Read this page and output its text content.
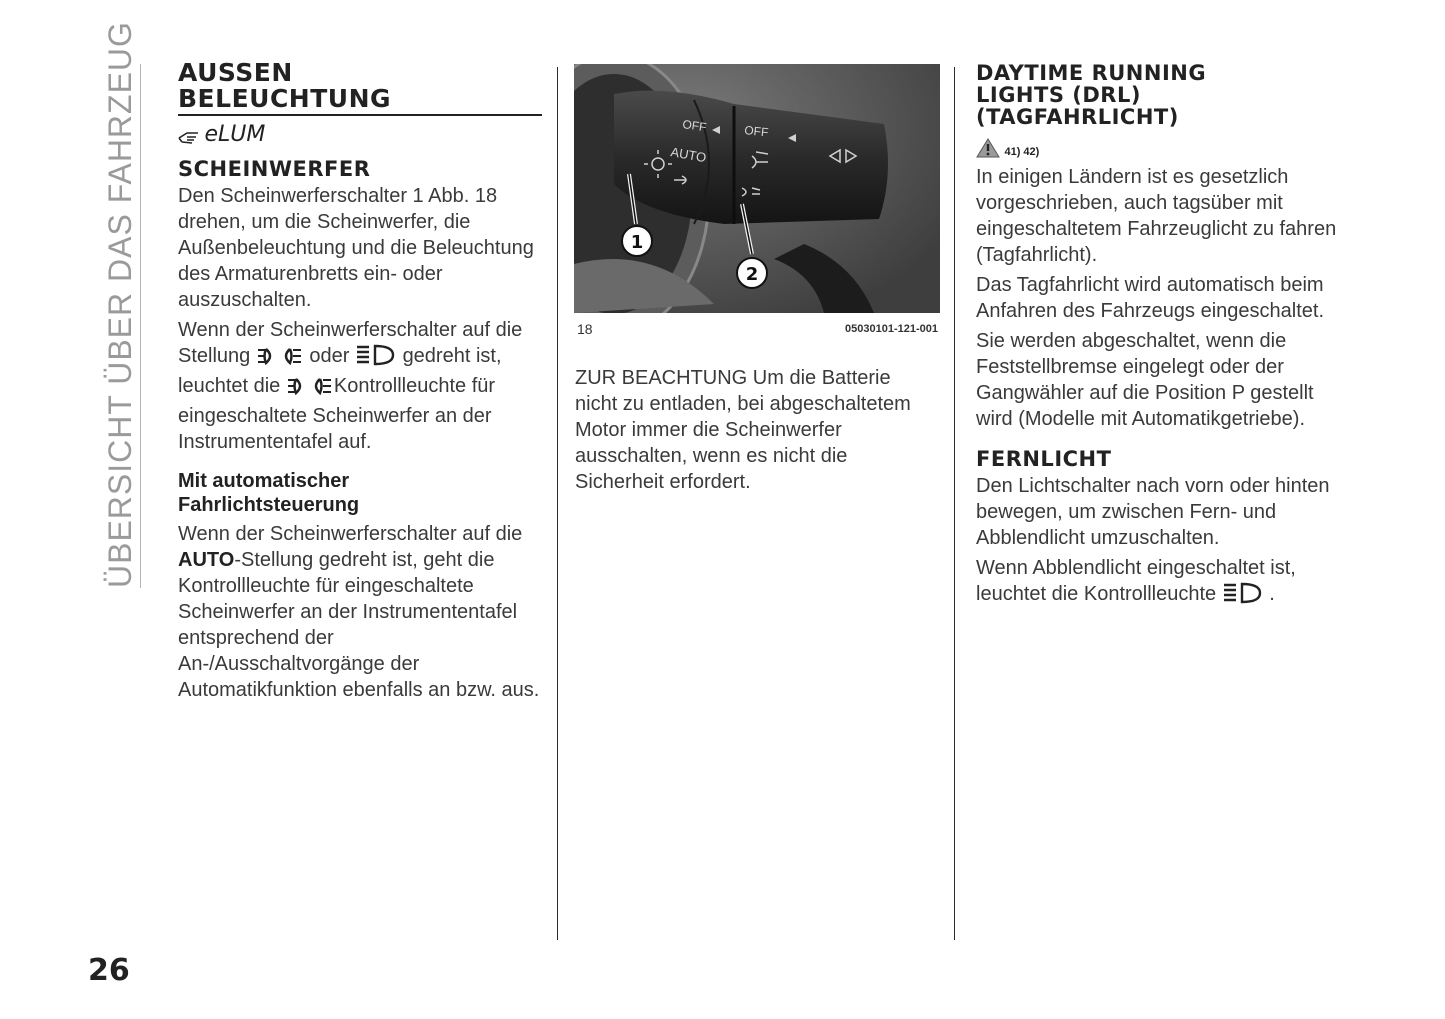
ÜBERSICHT ÜBER DAS FAHRZEUG AUSSEN BELEUCHTUNG
eLUM
SCHEINWERFER

Den Scheinwerferschalter 1 Abb. 18 drehen, um die Scheinwerfer, die Außenbeleuchtung und die Beleuchtung des Armaturenbretts ein- oder auszuschalten.

Wenn der Scheinwerferschalter auf die Stellung	oder	gedreht ist, leuchtet die	Kontrollleuchte für eingeschaltete Scheinwerfer an der Instrumententafel auf.

Mit automatischer Fahrlichtsteuerung

Wenn der Scheinwerferschalter auf die AUTO-Stellung gedreht ist, geht die Kontrollleuchte für eingeschaltete Scheinwerfer an der Instrumententafel entsprechend der An-/Ausschaltvorgänge der Automatikfunktion ebenfalls an bzw. aus.

OFF	OFF
AUTO
1
2
18	05030101-121-001

ZUR BEACHTUNG Um die Batterie nicht zu entladen, bei abgeschaltetem Motor immer die Scheinwerfer ausschalten, wenn es nicht die Sicherheit erfordert.

DAYTIME RUNNING LIGHTS (DRL) (TAGFAHRLICHT)
41) 42)

In einigen Ländern ist es gesetzlich vorgeschrieben, auch tagsüber mit eingeschaltetem Fahrzeuglicht zu fahren (Tagfahrlicht).

Das Tagfahrlicht wird automatisch beim Anfahren des Fahrzeugs eingeschaltet.

Sie werden abgeschaltet, wenn die Feststellbremse eingelegt oder der Gangwähler auf die Position P gestellt wird (Modelle mit Automatikgetriebe).

FERNLICHT

Den Lichtschalter nach vorn oder hinten bewegen, um zwischen Fern- und Abblendlicht umzuschalten.

Wenn Abblendlicht eingeschaltet ist, leuchtet die Kontrollleuchte	.

26
